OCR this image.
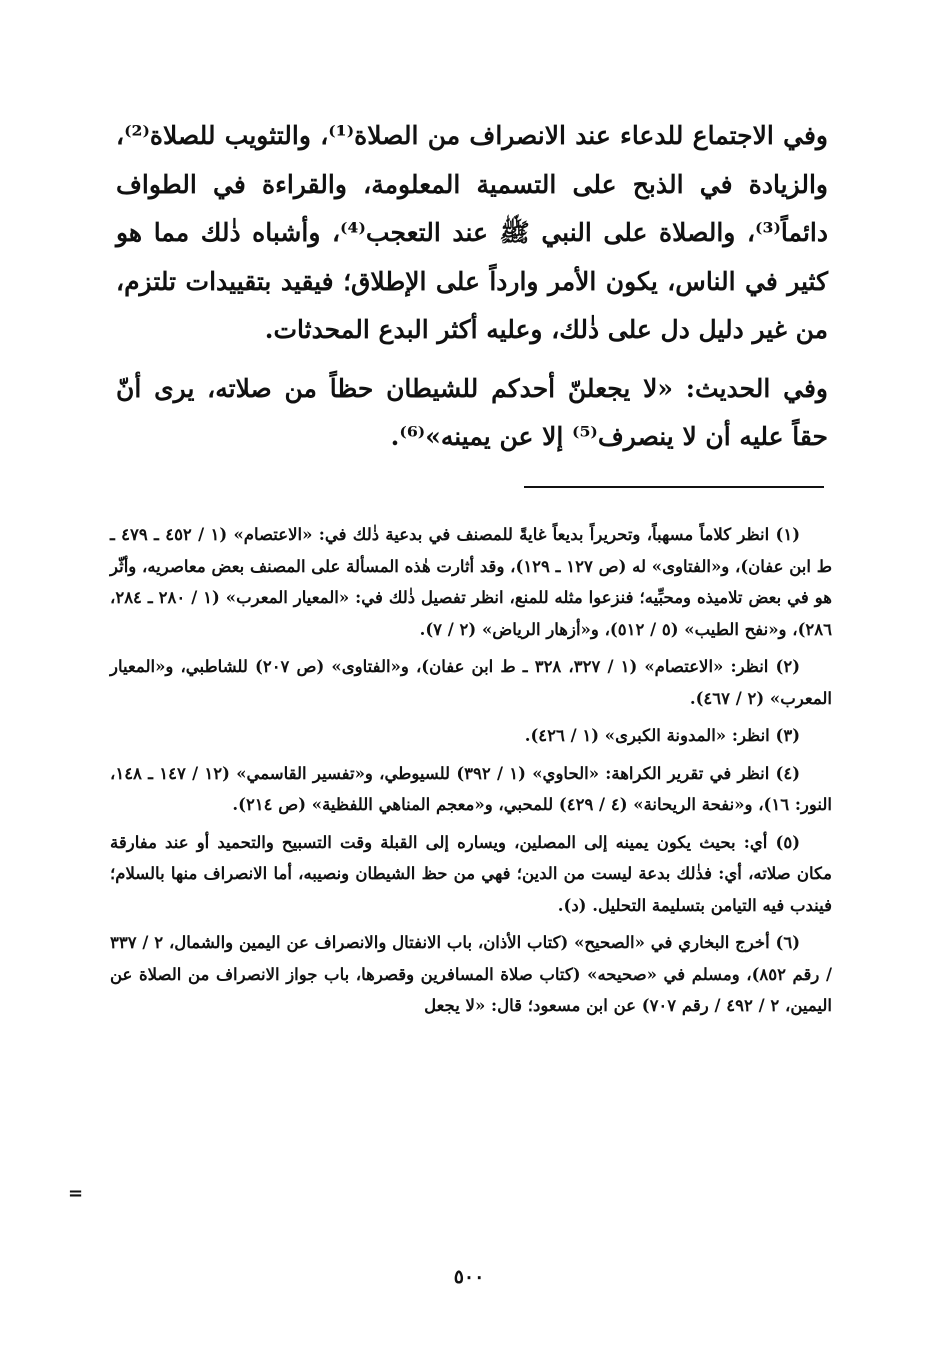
وفي الاجتماع للدعاء عند الانصراف من الصلاة⁽¹⁾، والتثويب للصلاة⁽²⁾، والزيادة في الذبح على التسمية المعلومة، والقراءة في الطواف دائماً⁽³⁾، والصلاة على النبي ﷺ عند التعجب⁽⁴⁾، وأشباه ذٰلك مما هو كثير في الناس، يكون الأمر وارداً على الإطلاق؛ فيقيد بتقييدات تلتزم، من غير دليل دل على ذٰلك، وعليه أكثر البدع المحدثات.

وفي الحديث: «لا يجعلنّ أحدكم للشيطان حظاً من صلاته، يرى أنّ حقاً عليه أن لا ينصرف⁽⁵⁾ إلا عن يمينه»⁽⁶⁾.

(١) انظر كلاماً مسهباً، وتحريراً بديعاً غايةً للمصنف في بدعية ذٰلك في: «الاعتصام» (١ / ٤٥٢ ـ ٤٧٩ ـ ط ابن عفان)، و«الفتاوى» له (ص ١٢٧ ـ ١٢٩)، وقد أثارت هٰذه المسألة على المصنف بعض معاصريه، وأثّر هو في بعض تلاميذه ومحبِّيه؛ فنزعوا مثله للمنع، انظر تفصيل ذٰلك في: «المعيار المعرب» (١ / ٢٨٠ ـ ٢٨٤، ٢٨٦)، و«نفح الطيب» (٥ / ٥١٢)، و«أزهار الرياض» (٢ / ٧).

(٢) انظر: «الاعتصام» (١ / ٣٢٧، ٣٢٨ ـ ط ابن عفان)، و«الفتاوى» (ص ٢٠٧) للشاطبي، و«المعيار المعرب» (٢ / ٤٦٧).

(٣) انظر: «المدونة الكبرى» (١ / ٤٢٦).

(٤) انظر في تقرير الكراهة: «الحاوي» (١ / ٣٩٢) للسيوطي، و«تفسير القاسمي» (١٢ / ١٤٧ ـ ١٤٨، النور: ١٦)، و«نفحة الريحانة» (٤ / ٤٢٩) للمحبي، و«معجم المناهي اللفظية» (ص ٢١٤).

(٥) أي: بحيث يكون يمينه إلى المصلين، ويساره إلى القبلة وقت التسبيح والتحميد أو عند مفارقة مكان صلاته، أي: فذٰلك بدعة ليست من الدين؛ فهي من حظ الشيطان ونصيبه، أما الانصراف منها بالسلام؛ فيندب فيه التيامن بتسليمة التحليل. (د).

(٦) أخرج البخاري في «الصحيح» (كتاب الأذان، باب الانفتال والانصراف عن اليمين والشمال، ٢ / ٣٣٧ / رقم ٨٥٢)، ومسلم في «صحيحه» (كتاب صلاة المسافرين وقصرها، باب جواز الانصراف من الصلاة عن اليمين، ٢ / ٤٩٢ / رقم ٧٠٧) عن ابن مسعود؛ قال: «لا يجعل

=
٥٠٠
